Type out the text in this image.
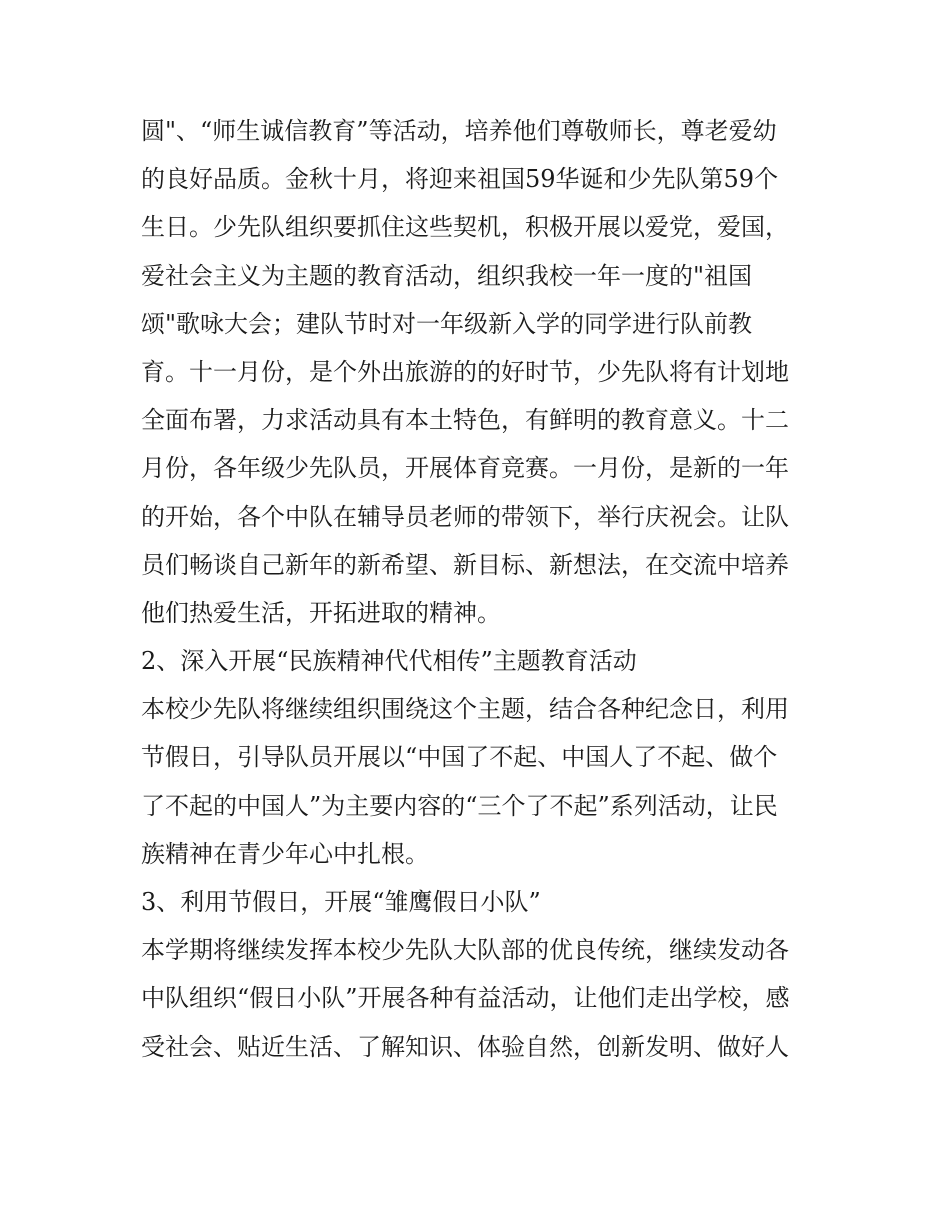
圆"、“师生诚信教育”等活动，培养他们尊敬师长，尊老爱幼
的良好品质。金秋十月，将迎来祖国59华诞和少先队第59个
生日。少先队组织要抓住这些契机，积极开展以爱党，爱国，
爱社会主义为主题的教育活动，组织我校一年一度的"祖国
颂"歌咏大会；建队节时对一年级新入学的同学进行队前教
育。十一月份，是个外出旅游的的好时节，少先队将有计划地
全面布署，力求活动具有本土特色，有鲜明的教育意义。十二
月份，各年级少先队员，开展体育竞赛。一月份，是新的一年
的开始，各个中队在辅导员老师的带领下，举行庆祝会。让队
员们畅谈自己新年的新希望、新目标、新想法，在交流中培养
他们热爱生活，开拓进取的精神。
2、深入开展“民族精神代代相传”主题教育活动
本校少先队将继续组织围绕这个主题，结合各种纪念日，利用
节假日，引导队员开展以“中国了不起、中国人了不起、做个
了不起的中国人”为主要内容的“三个了不起”系列活动，让民
族精神在青少年心中扎根。
3、利用节假日，开展“雏鹰假日小队”
本学期将继续发挥本校少先队大队部的优良传统，继续发动各
中队组织“假日小队”开展各种有益活动，让他们走出学校，感
受社会、贴近生活、了解知识、体验自然，创新发明、做好人
